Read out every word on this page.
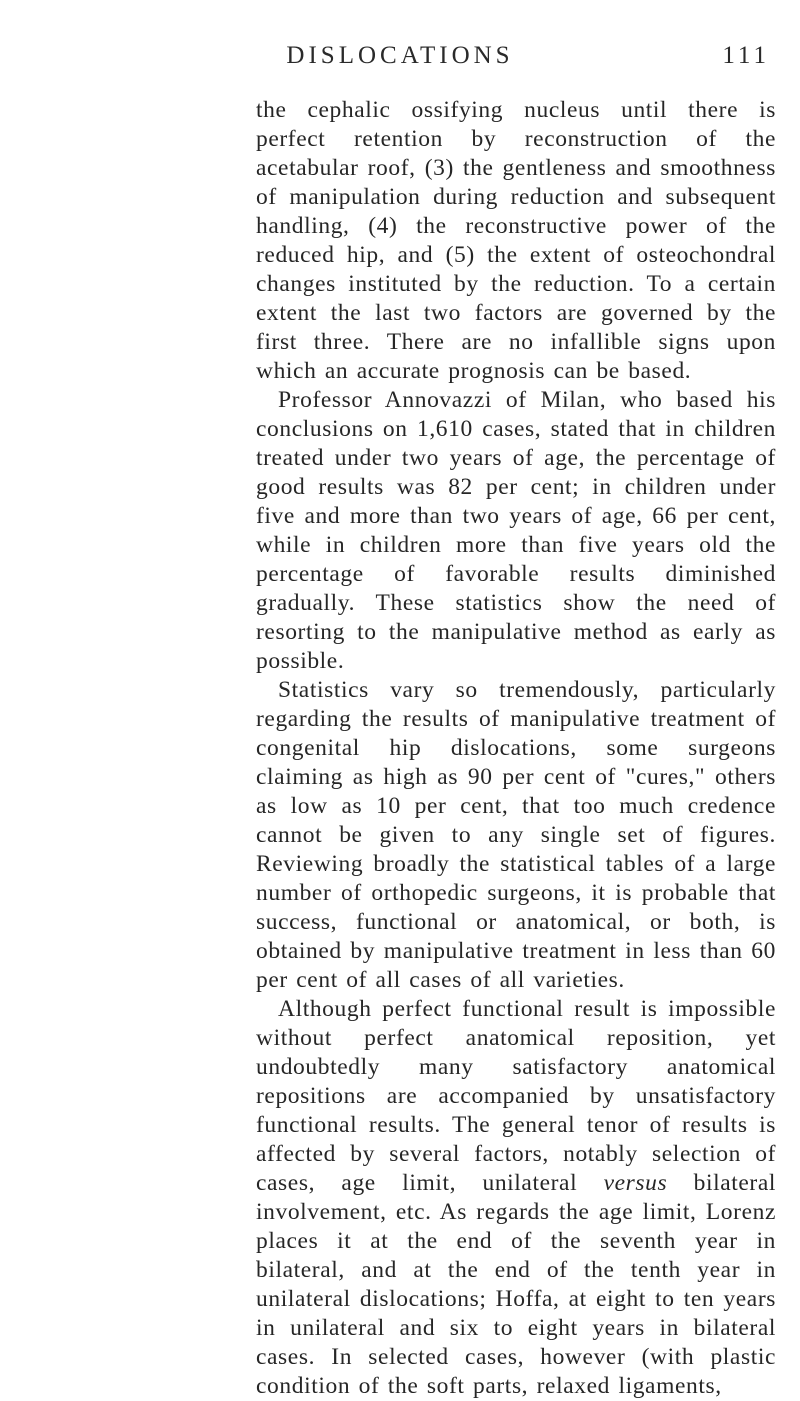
DISLOCATIONS	111

the cephalic ossifying nucleus until there is perfect retention by reconstruction of the acetabular roof, (3) the gentleness and smoothness of manipulation during reduction and subsequent handling, (4) the reconstructive power of the reduced hip, and (5) the extent of osteochondral changes instituted by the reduction. To a certain extent the last two factors are governed by the first three. There are no infallible signs upon which an accurate prognosis can be based.

Professor Annovazzi of Milan, who based his conclusions on 1,610 cases, stated that in children treated under two years of age, the percentage of good results was 82 per cent; in children under five and more than two years of age, 66 per cent, while in children more than five years old the percentage of favorable results diminished gradually. These statistics show the need of resorting to the manipulative method as early as possible.

Statistics vary so tremendously, particularly regarding the results of manipulative treatment of congenital hip dislocations, some surgeons claiming as high as 90 per cent of "cures," others as low as 10 per cent, that too much credence cannot be given to any single set of figures. Reviewing broadly the statistical tables of a large number of orthopedic surgeons, it is probable that success, functional or anatomical, or both, is obtained by manipulative treatment in less than 60 per cent of all cases of all varieties.

Although perfect functional result is impossible without perfect anatomical reposition, yet undoubtedly many satisfactory anatomical repositions are accompanied by unsatisfactory functional results. The general tenor of results is affected by several factors, notably selection of cases, age limit, unilateral versus bilateral involvement, etc. As regards the age limit, Lorenz places it at the end of the seventh year in bilateral, and at the end of the tenth year in unilateral dislocations; Hoffa, at eight to ten years in unilateral and six to eight years in bilateral cases. In selected cases, however (with plastic condition of the soft parts, relaxed ligaments,
